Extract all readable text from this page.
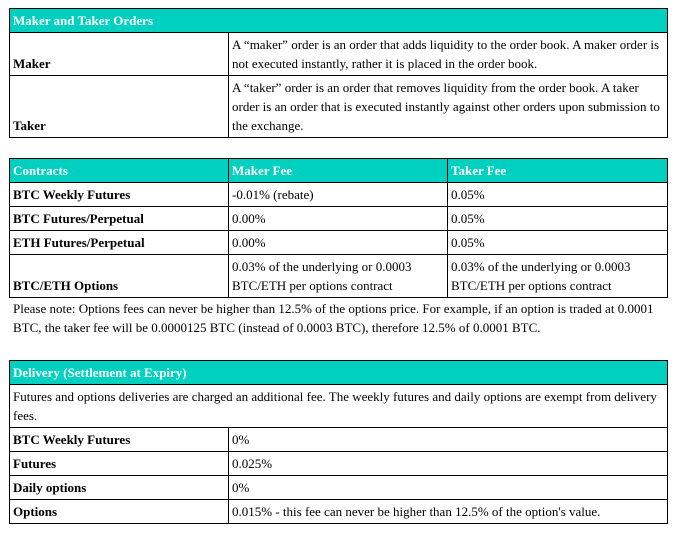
Maker and Taker Orders	
Maker	A “maker” order is an order that adds liquidity to the order book. A maker order is not executed instantly, rather it is placed in the order book.
Taker	A “taker” order is an order that removes liquidity from the order book. A taker order is an order that is executed instantly against other orders upon submission to the exchange.
Contracts	Maker Fee	Taker Fee
BTC Weekly Futures	-0.01% (rebate)	0.05%
BTC Futures/Perpetual	0.00%	0.05%
ETH Futures/Perpetual	0.00%	0.05%
BTC/ETH Options	0.03% of the underlying or 0.0003 BTC/ETH per options contract	0.03% of the underlying or 0.0003 BTC/ETH per options contract
Please note: Options fees can never be higher than 12.5% of the options price. For example, if an option is traded at 0.0001 BTC, the taker fee will be 0.0000125 BTC (instead of 0.0003 BTC), therefore 12.5% of 0.0001 BTC.
Delivery (Settlement at Expiry)	
Futures and options deliveries are charged an additional fee. The weekly futures and daily options are exempt from delivery fees.	
BTC Weekly Futures	0%
Futures	0.025%
Daily options	0%
Options	0.015% - this fee can never be higher than 12.5% of the option's value.
